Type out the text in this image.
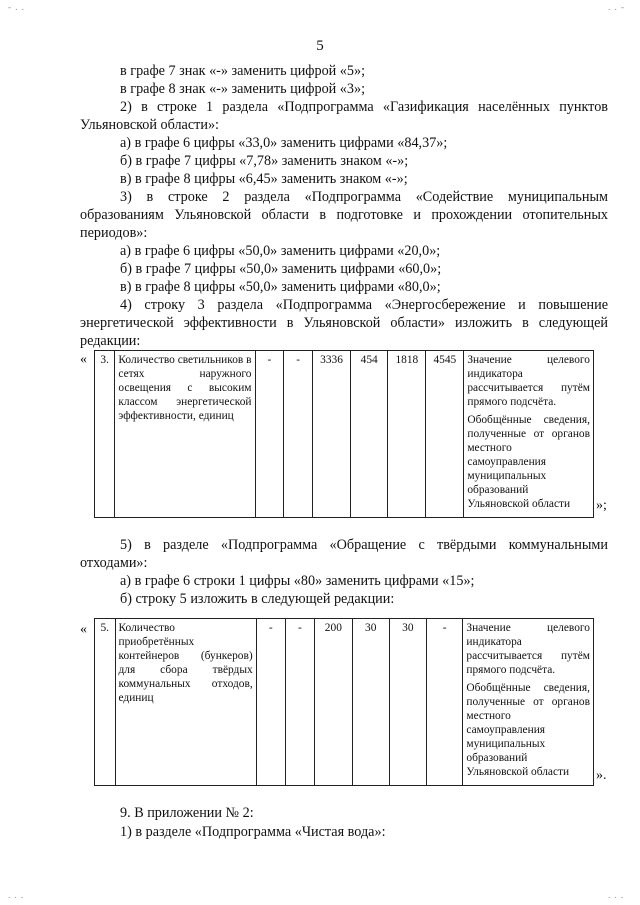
5

в графе 7 знак «-» заменить цифрой «5»;

в графе 8 знак «-» заменить цифрой «3»;

2) в строке 1 раздела «Подпрограмма «Газификация населённых пунктов Ульяновской области»:

а) в графе 6 цифры «33,0» заменить цифрами «84,37»;

б) в графе 7 цифры «7,78» заменить знаком «-»;

в) в графе 8 цифры «6,45» заменить знаком «-»;

3) в строке 2 раздела «Подпрограмма «Содействие муниципальным образованиям Ульяновской области в подготовке и прохождении отопительных периодов»:

а) в графе 6 цифры «50,0» заменить цифрами «20,0»;

б) в графе 7 цифры «50,0» заменить цифрами «60,0»;

в) в графе 8 цифры «50,0» заменить цифрами «80,0»;

4) строку 3 раздела «Подпрограмма «Энергосбережение и повышение энергетической эффективности в Ульяновской области» изложить в следующей редакции:

« 3.	Количество светильников в сетях наружного освещения с высоким классом энергетической эффективности, единиц	-	-	3336	454	1818	4545	Значение целевого индикатора рассчитывается путём прямого подсчёта.
Обобщённые сведения, полученные от органов местного самоуправления муниципальных образований Ульяновской области	»;

5) в разделе «Подпрограмма «Обращение с твёрдыми коммунальными отходами»:

а) в графе 6 строки 1 цифры «80» заменить цифрами «15»;

б) строку 5 изложить в следующей редакции:

« 5.	Количество приобретённых контейнеров (бункеров) для сбора твёрдых коммунальных отходов, единиц	-	-	200	30	30	-	Значение целевого индикатора рассчитывается путём прямого подсчёта.
Обобщённые сведения, полученные от органов местного самоуправления муниципальных образований Ульяновской области	».

9. В приложении № 2:

1) в разделе «Подпрограмма «Чистая вода»:

- . .	. . -
. . .	. . .
